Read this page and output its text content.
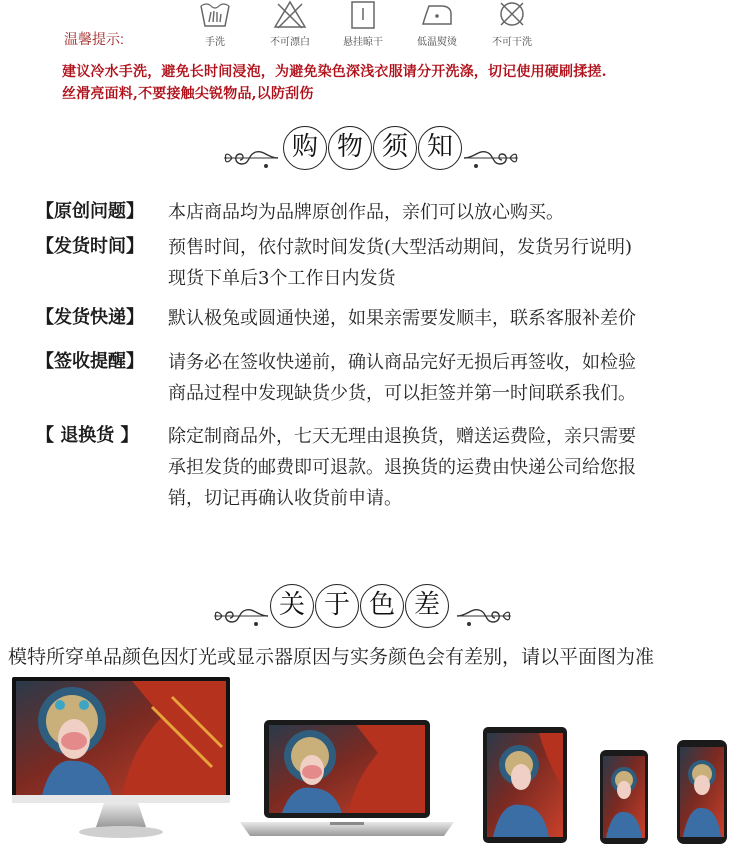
温馨提示:	手洗	不可漂白	悬挂晾干	低温熨烫	不可干洗
建议冷水手洗，避免长时间浸泡，为避免染色深浅衣服请分开洗涤，切记使用硬刷揉搓.
丝滑亮面料,不要接触尖锐物品,以防刮伤
购 物 须 知
【原创问题】	本店商品均为品牌原创作品，亲们可以放心购买。
【发货时间】	预售时间，依付款时间发货(大型活动期间，发货另行说明)
现货下单后3个工作日内发货
【发货快递】	默认极兔或圆通快递，如果亲需要发顺丰，联系客服补差价
【签收提醒】	请务必在签收快递前，确认商品完好无损后再签收，如检验
商品过程中发现缺货少货，可以拒签并第一时间联系我们。
【 退换货 】	除定制商品外，七天无理由退换货，赠送运费险，亲只需要
承担发货的邮费即可退款。退换货的运费由快递公司给您报
销，切记再确认收货前申请。
关 于 色 差
模特所穿单品颜色因灯光或显示器原因与实务颜色会有差别，请以平面图为准
